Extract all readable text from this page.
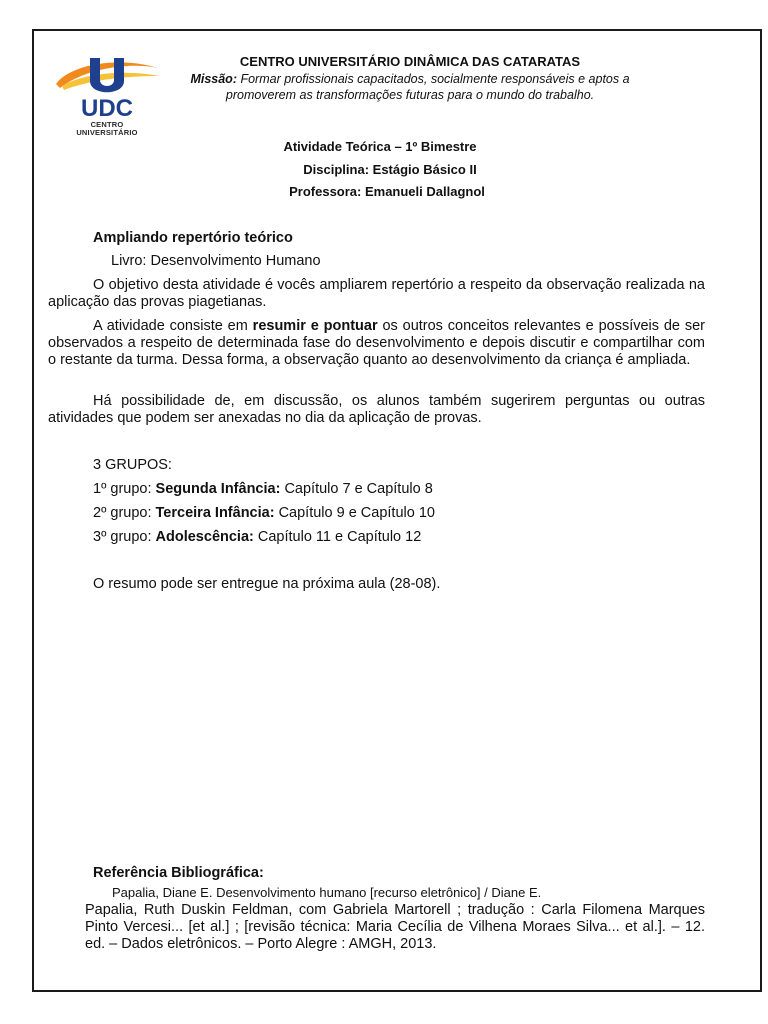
UDC
CENTRO
UNIVERSITÁRIO
CENTRO UNIVERSITÁRIO DINÂMICA DAS CATARATAS
Missão: Formar profissionais capacitados, socialmente responsáveis e aptos a promoverem as transformações futuras para o mundo do trabalho.
Atividade Teórica – 1º Bimestre
Disciplina: Estágio Básico II
Professora: Emanueli Dallagnol
Ampliando repertório teórico
Livro: Desenvolvimento Humano
O objetivo desta atividade é vocês ampliarem repertório a respeito da observação realizada na aplicação das provas piagetianas.
A atividade consiste em resumir e pontuar os outros conceitos relevantes e possíveis de ser observados a respeito de determinada fase do desenvolvimento e depois discutir e compartilhar com o restante da turma. Dessa forma, a observação quanto ao desenvolvimento da criança é ampliada.
Há possibilidade de, em discussão, os alunos também sugerirem perguntas ou outras atividades que podem ser anexadas no dia da aplicação de provas.
3 GRUPOS:
1º grupo: Segunda Infância: Capítulo 7 e Capítulo 8
2º grupo: Terceira Infância: Capítulo 9 e Capítulo 10
3º grupo: Adolescência: Capítulo 11 e Capítulo 12
O resumo pode ser entregue na próxima aula (28-08).
Referência Bibliográfica:
Papalia, Diane E. Desenvolvimento humano [recurso eletrônico] / Diane E.
Papalia, Ruth Duskin Feldman, com Gabriela Martorell ; tradução : Carla Filomena Marques Pinto Vercesi... [et al.] ; [revisão técnica: Maria Cecília de Vilhena Moraes Silva... et al.]. – 12. ed. – Dados eletrônicos. – Porto Alegre : AMGH, 2013.
